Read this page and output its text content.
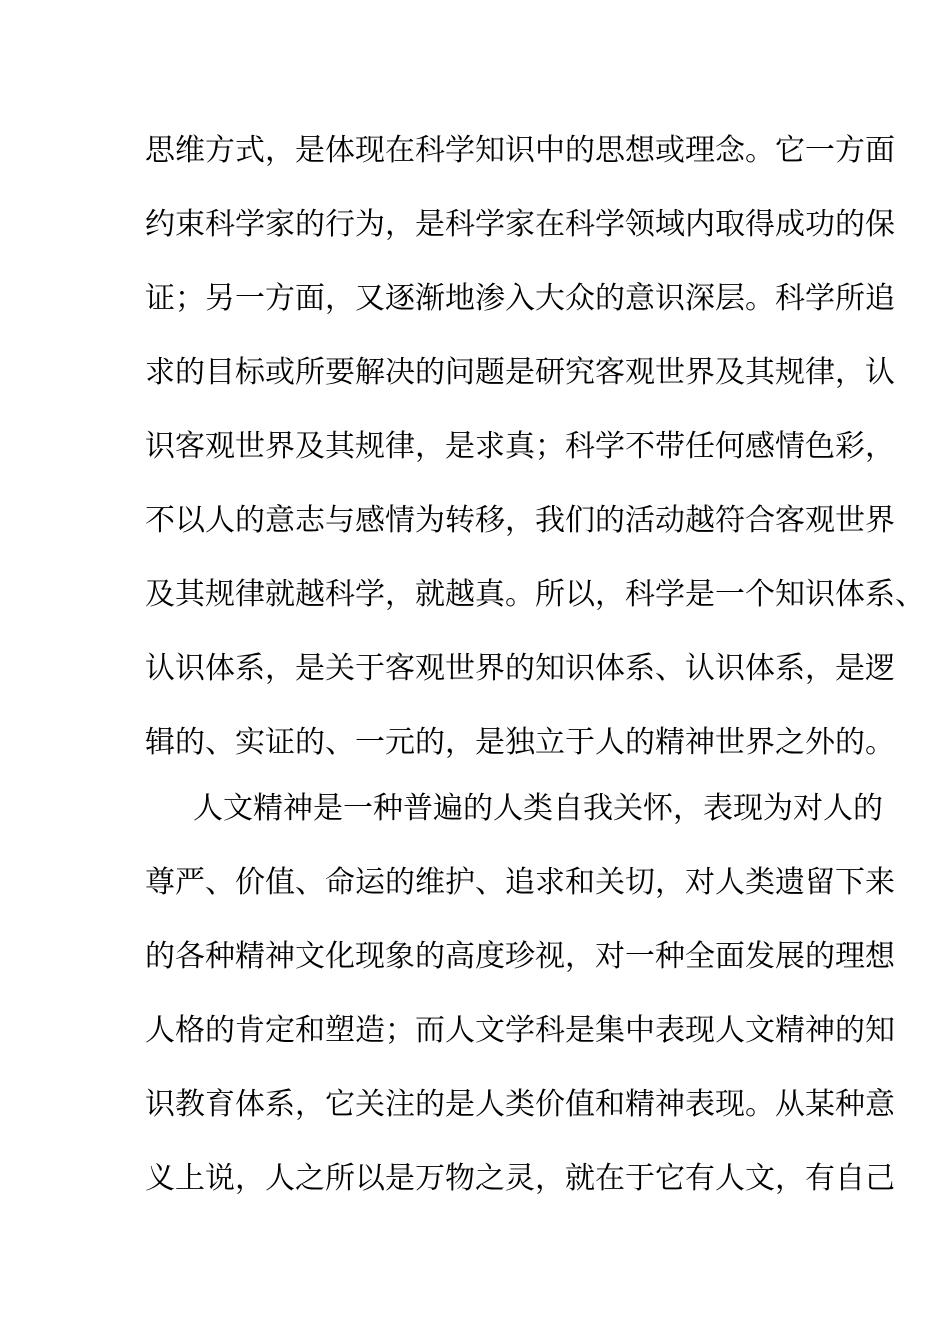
思维方式，是体现在科学知识中的思想或理念。它一方面
约束科学家的行为，是科学家在科学领域内取得成功的保
证；另一方面，又逐渐地渗入大众的意识深层。科学所追
求的目标或所要解决的问题是研究客观世界及其规律，认
识客观世界及其规律，是求真；科学不带任何感情色彩，
不以人的意志与感情为转移，我们的活动越符合客观世界
及其规律就越科学，就越真。所以，科学是一个知识体系、
认识体系，是关于客观世界的知识体系、认识体系，是逻
辑的、实证的、一元的，是独立于人的精神世界之外的。
人文精神是一种普遍的人类自我关怀，表现为对人的
尊严、价值、命运的维护、追求和关切，对人类遗留下来
的各种精神文化现象的高度珍视，对一种全面发展的理想
人格的肯定和塑造；而人文学科是集中表现人文精神的知
识教育体系，它关注的是人类价值和精神表现。从某种意
义上说，人之所以是万物之灵，就在于它有人文，有自己
